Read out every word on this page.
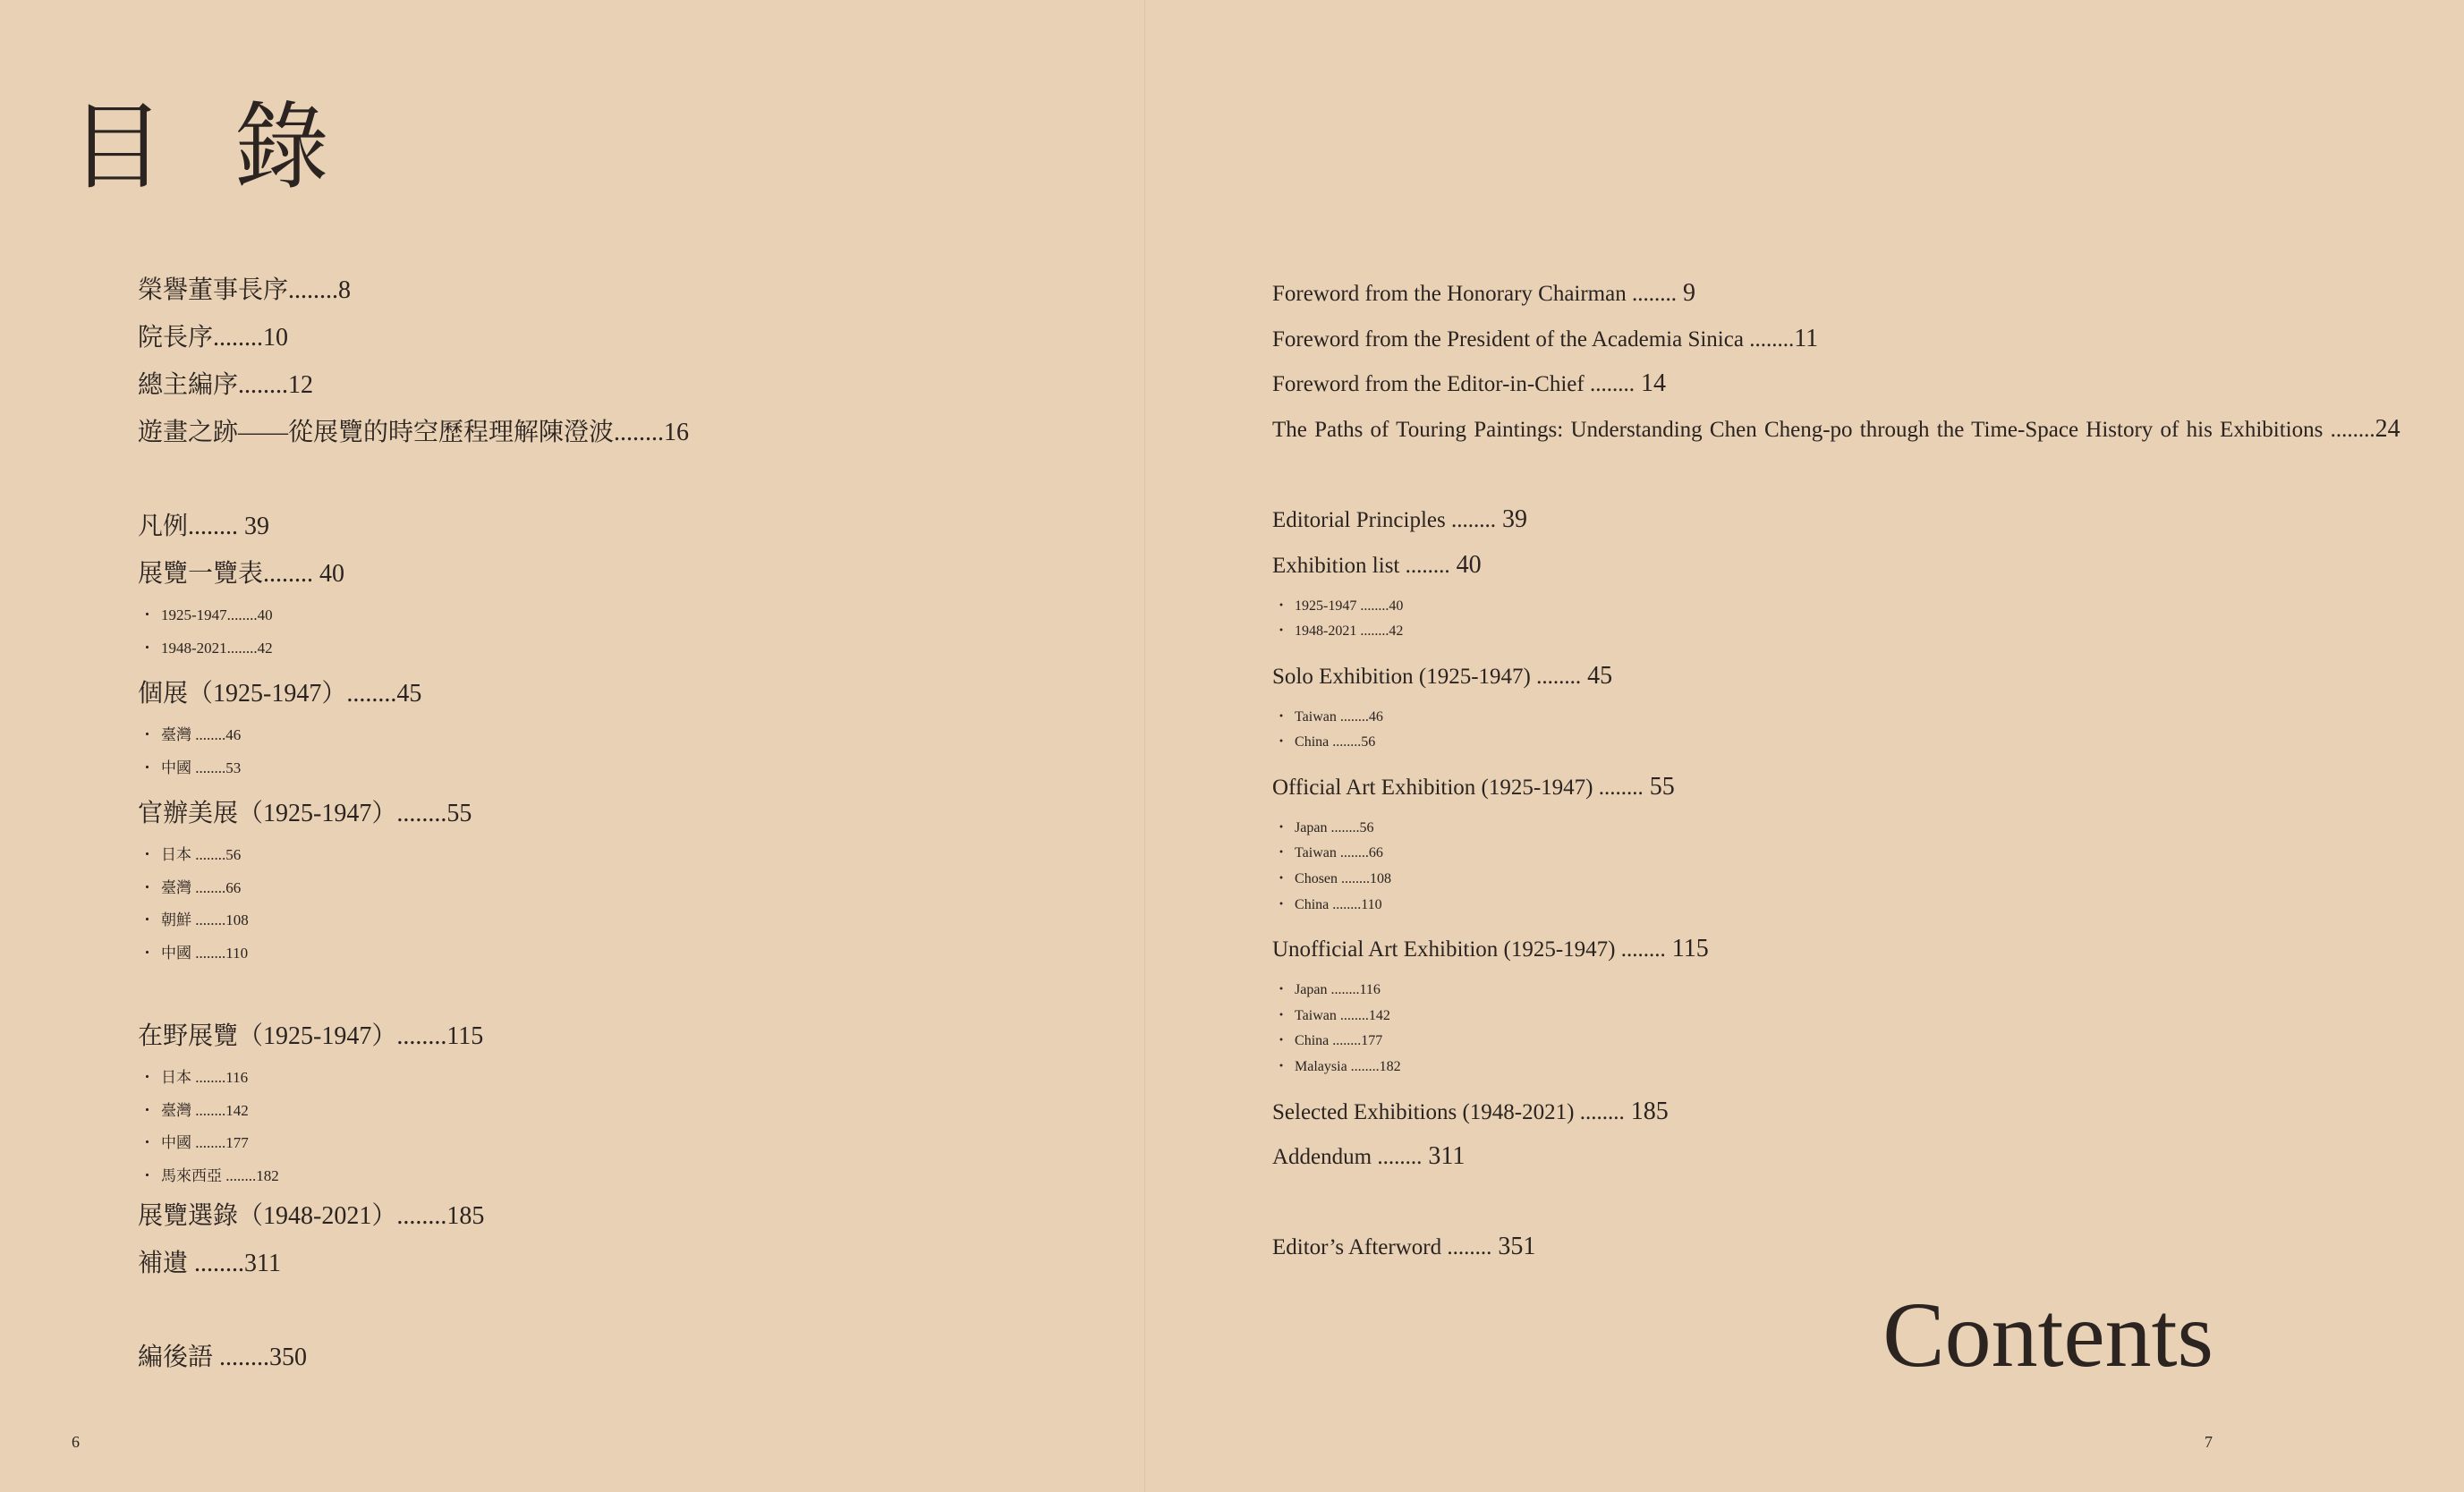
目 錄
榮譽董事長序........8
院長序........10
總主編序........12
遊畫之跡——從展覽的時空歷程理解陳澄波........16
凡例........ 39
展覽一覽表........ 40
・ 1925-1947........40
・ 1948-2021........42
個展（1925-1947）........45
・ 臺灣 ........46
・ 中國 ........53
官辦美展（1925-1947）........55
・ 日本 ........56
・ 臺灣 ........66
・ 朝鮮 ........108
・ 中國 ........110
在野展覽（1925-1947）........115
・ 日本 ........116
・ 臺灣 ........142
・ 中國 ........177
・ 馬來西亞 ........182
展覽選錄（1948-2021）........185
補遺 ........311
編後語 ........350
6
Foreword from the Honorary Chairman ........ 9
Foreword from the President of the Academia Sinica ........11
Foreword from the Editor-in-Chief ........ 14
The Paths of Touring Paintings: Understanding Chen Cheng-po through the Time-Space History of his Exhibitions ........24
Editorial Principles ........ 39
Exhibition list ........ 40
・ 1925-1947 ........40
・ 1948-2021 ........42
Solo Exhibition (1925-1947) ........ 45
・ Taiwan ........46
・ China ........56
Official Art Exhibition (1925-1947) ........ 55
・ Japan ........56
・ Taiwan ........66
・ Chosen ........108
・ China ........110
Unofficial Art Exhibition (1925-1947) ........ 115
・ Japan ........116
・ Taiwan ........142
・ China ........177
・ Malaysia ........182
Selected Exhibitions (1948-2021) ........ 185
Addendum ........ 311
Editor’s Afterword ........ 351
Contents
7
